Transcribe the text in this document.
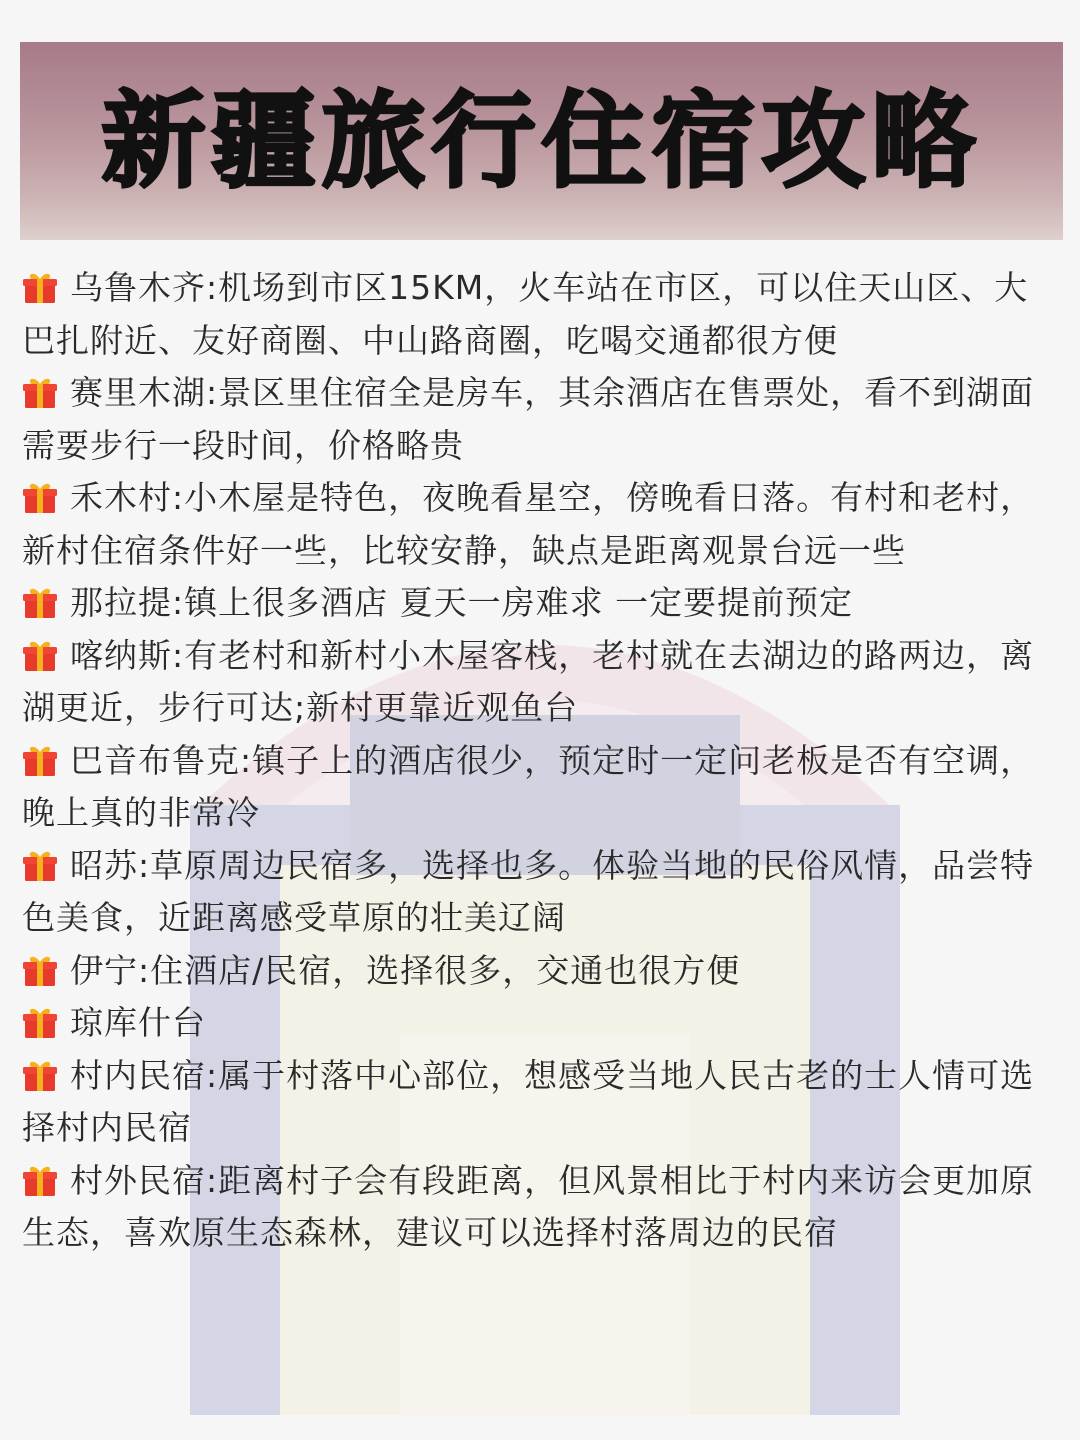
新疆旅行住宿攻略

乌鲁木齐:机场到市区15KM，火车站在市区，可以住天山区、大巴扎附近、友好商圈、中山路商圈，吃喝交通都很方便

赛里木湖:景区里住宿全是房车，其余酒店在售票处，看不到湖面需要步行一段时间，价格略贵

禾木村:小木屋是特色，夜晚看星空，傍晚看日落。有村和老村，新村住宿条件好一些，比较安静，缺点是距离观景台远一些

那拉提:镇上很多酒店 夏天一房难求 一定要提前预定

喀纳斯:有老村和新村小木屋客栈，老村就在去湖边的路两边，离湖更近，步行可达;新村更靠近观鱼台

巴音布鲁克:镇子上的酒店很少，预定时一定问老板是否有空调，晚上真的非常冷

昭苏:草原周边民宿多，选择也多。体验当地的民俗风情，品尝特色美食，近距离感受草原的壮美辽阔

伊宁:住酒店/民宿，选择很多，交通也很方便

琼库什台

村内民宿:属于村落中心部位，想感受当地人民古老的士人情可选择村内民宿

村外民宿:距离村子会有段距离，但风景相比于村内来访会更加原生态，喜欢原生态森林，建议可以选择村落周边的民宿
